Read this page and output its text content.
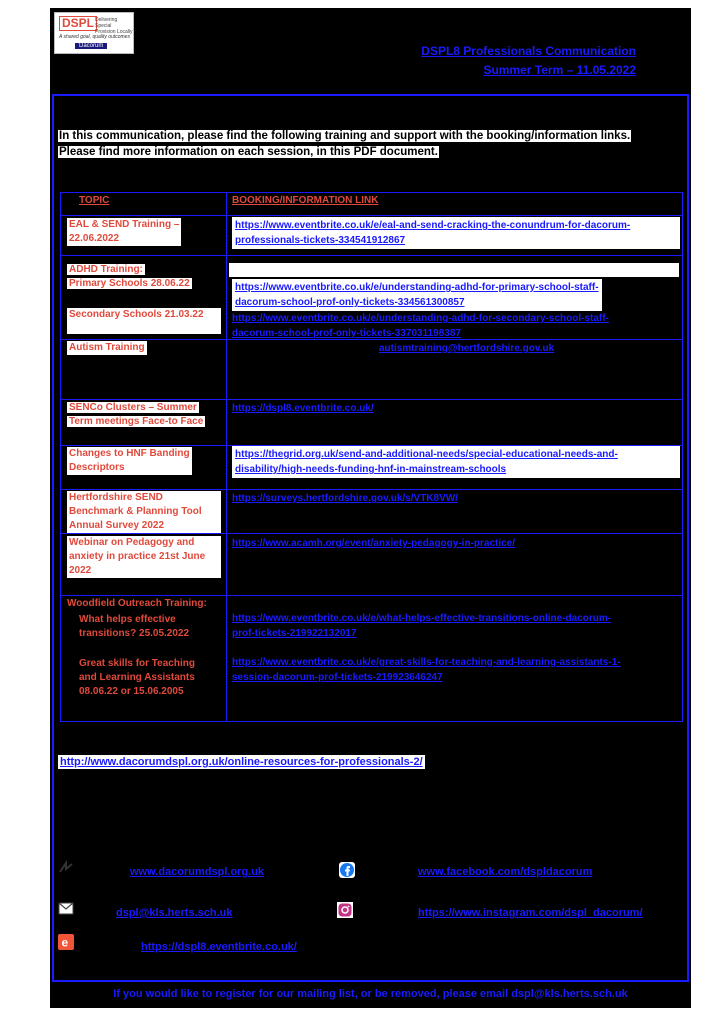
DSPL Delivering Special Provision Locally
A shared goal, quality outcomes
Dacorum	DSPL8 Professionals Communication
Summer Term – 11.05.2022
In this communication, please find the following training and support with the booking/information links.
Please find more information on each session, in this PDF document.
TOPIC	BOOKING/INFORMATION LINK
EAL & SEND Training –
22.06.2022
https://www.eventbrite.co.uk/e/eal-and-send-cracking-the-conundrum-for-dacorum-
professionals-tickets-334541912867
ADHD Training:
Primary Schools 28.06.22	https://www.eventbrite.co.uk/e/understanding-adhd-for-primary-school-staff-
dacorum-school-prof-only-tickets-334561300857
Secondary Schools 21.03.22	https://www.eventbrite.co.uk/e/understanding-adhd-for-secondary-school-staff-
dacorum-school-prof-only-tickets-337031198387
Autism Training	autismtraining@hertfordshire.gov.uk
SENCo Clusters – Summer
Term meetings Face-to Face
https://dspl8.eventbrite.co.uk/
Changes to HNF Banding
Descriptors
https://thegrid.org.uk/send-and-additional-needs/special-educational-needs-and-
disability/high-needs-funding-hnf-in-mainstream-schools
Hertfordshire SEND
Benchmark & Planning Tool
Annual Survey 2022
https://surveys.hertfordshire.gov.uk/s/VTK8VW/
Webinar on Pedagogy and
anxiety in practice 21st June
2022
https://www.acamh.org/event/anxiety-pedagogy-in-practice/
Woodfield Outreach Training:
What helps effective
transitions? 25.05.2022
Great skills for Teaching
and Learning Assistants
08.06.22 or 15.06.2005
https://www.eventbrite.co.uk/e/what-helps-effective-transitions-online-dacorum-
prof-tickets-219922132017
https://www.eventbrite.co.uk/e/great-skills-for-teaching-and-learning-assistants-1-
session-dacorum-prof-tickets-219923646247
http://www.dacorumdspl.org.uk/online-resources-for-professionals-2/
www.dacorumdspl.org.uk	www.facebook.com/dspldacorum
dspl@kls.herts.sch.uk	https://www.instagram.com/dspl_dacorum/
e	https://dspl8.eventbrite.co.uk/
If you would like to register for our mailing list, or be removed, please email dspl@kls.herts.sch.uk
